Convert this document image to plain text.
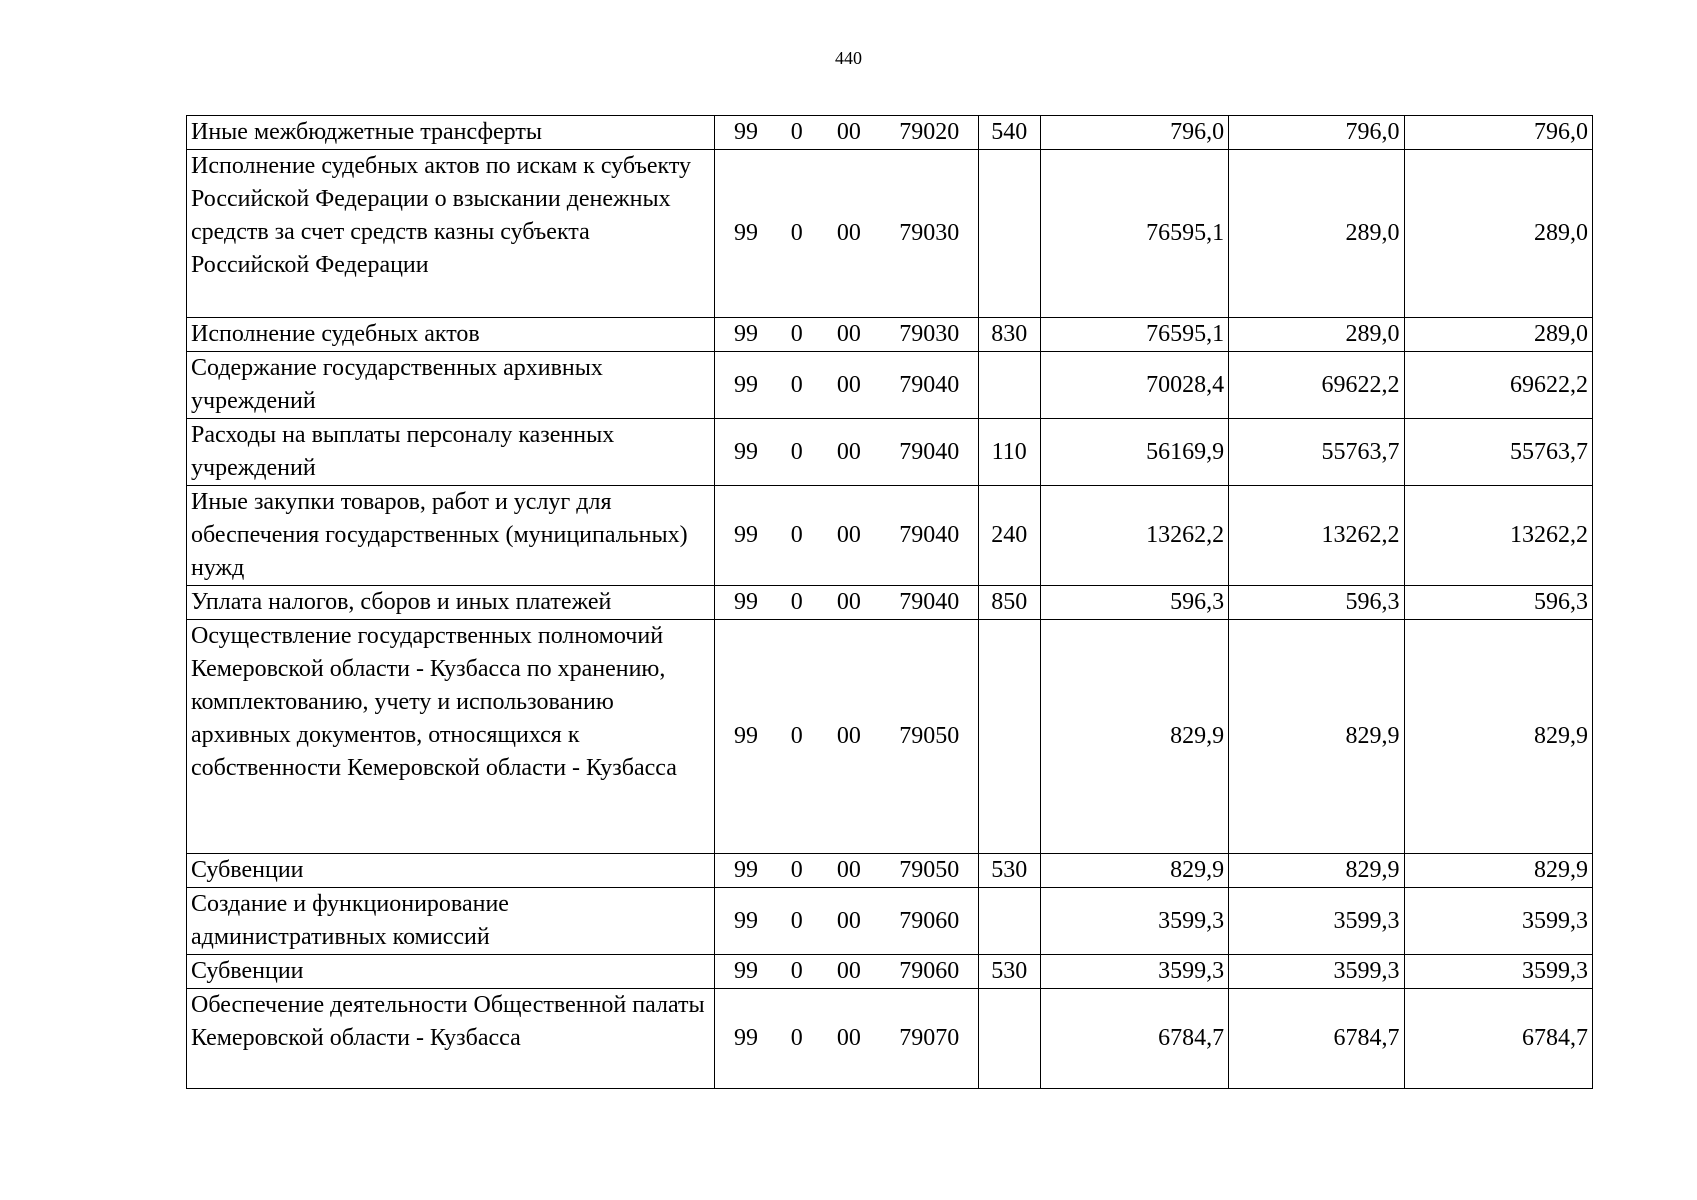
440
Иные межбюджетные трансферты	99	0	00	79020	540	796,0	796,0	796,0
Исполнение судебных актов по искам к субъекту Российской Федерации о взыскании денежных средств за счет средств казны субъекта Российской Федерации	99	0	00	79030		76595,1	289,0	289,0
Исполнение судебных актов	99	0	00	79030	830	76595,1	289,0	289,0
Содержание государственных архивных учреждений	99	0	00	79040		70028,4	69622,2	69622,2
Расходы на выплаты персоналу казенных учреждений	99	0	00	79040	110	56169,9	55763,7	55763,7
Иные закупки товаров, работ и услуг для обеспечения государственных (муниципальных) нужд	99	0	00	79040	240	13262,2	13262,2	13262,2
Уплата налогов, сборов и иных платежей	99	0	00	79040	850	596,3	596,3	596,3
Осуществление государственных полномочий Кемеровской области - Кузбасса по хранению, комплектованию, учету и использованию архивных документов, относящихся к собственности Кемеровской области - Кузбасса	99	0	00	79050		829,9	829,9	829,9
Субвенции	99	0	00	79050	530	829,9	829,9	829,9
Создание и функционирование административных комиссий	99	0	00	79060		3599,3	3599,3	3599,3
Субвенции	99	0	00	79060	530	3599,3	3599,3	3599,3
Обеспечение деятельности Общественной палаты Кемеровской области - Кузбасса	99	0	00	79070		6784,7	6784,7	6784,7
